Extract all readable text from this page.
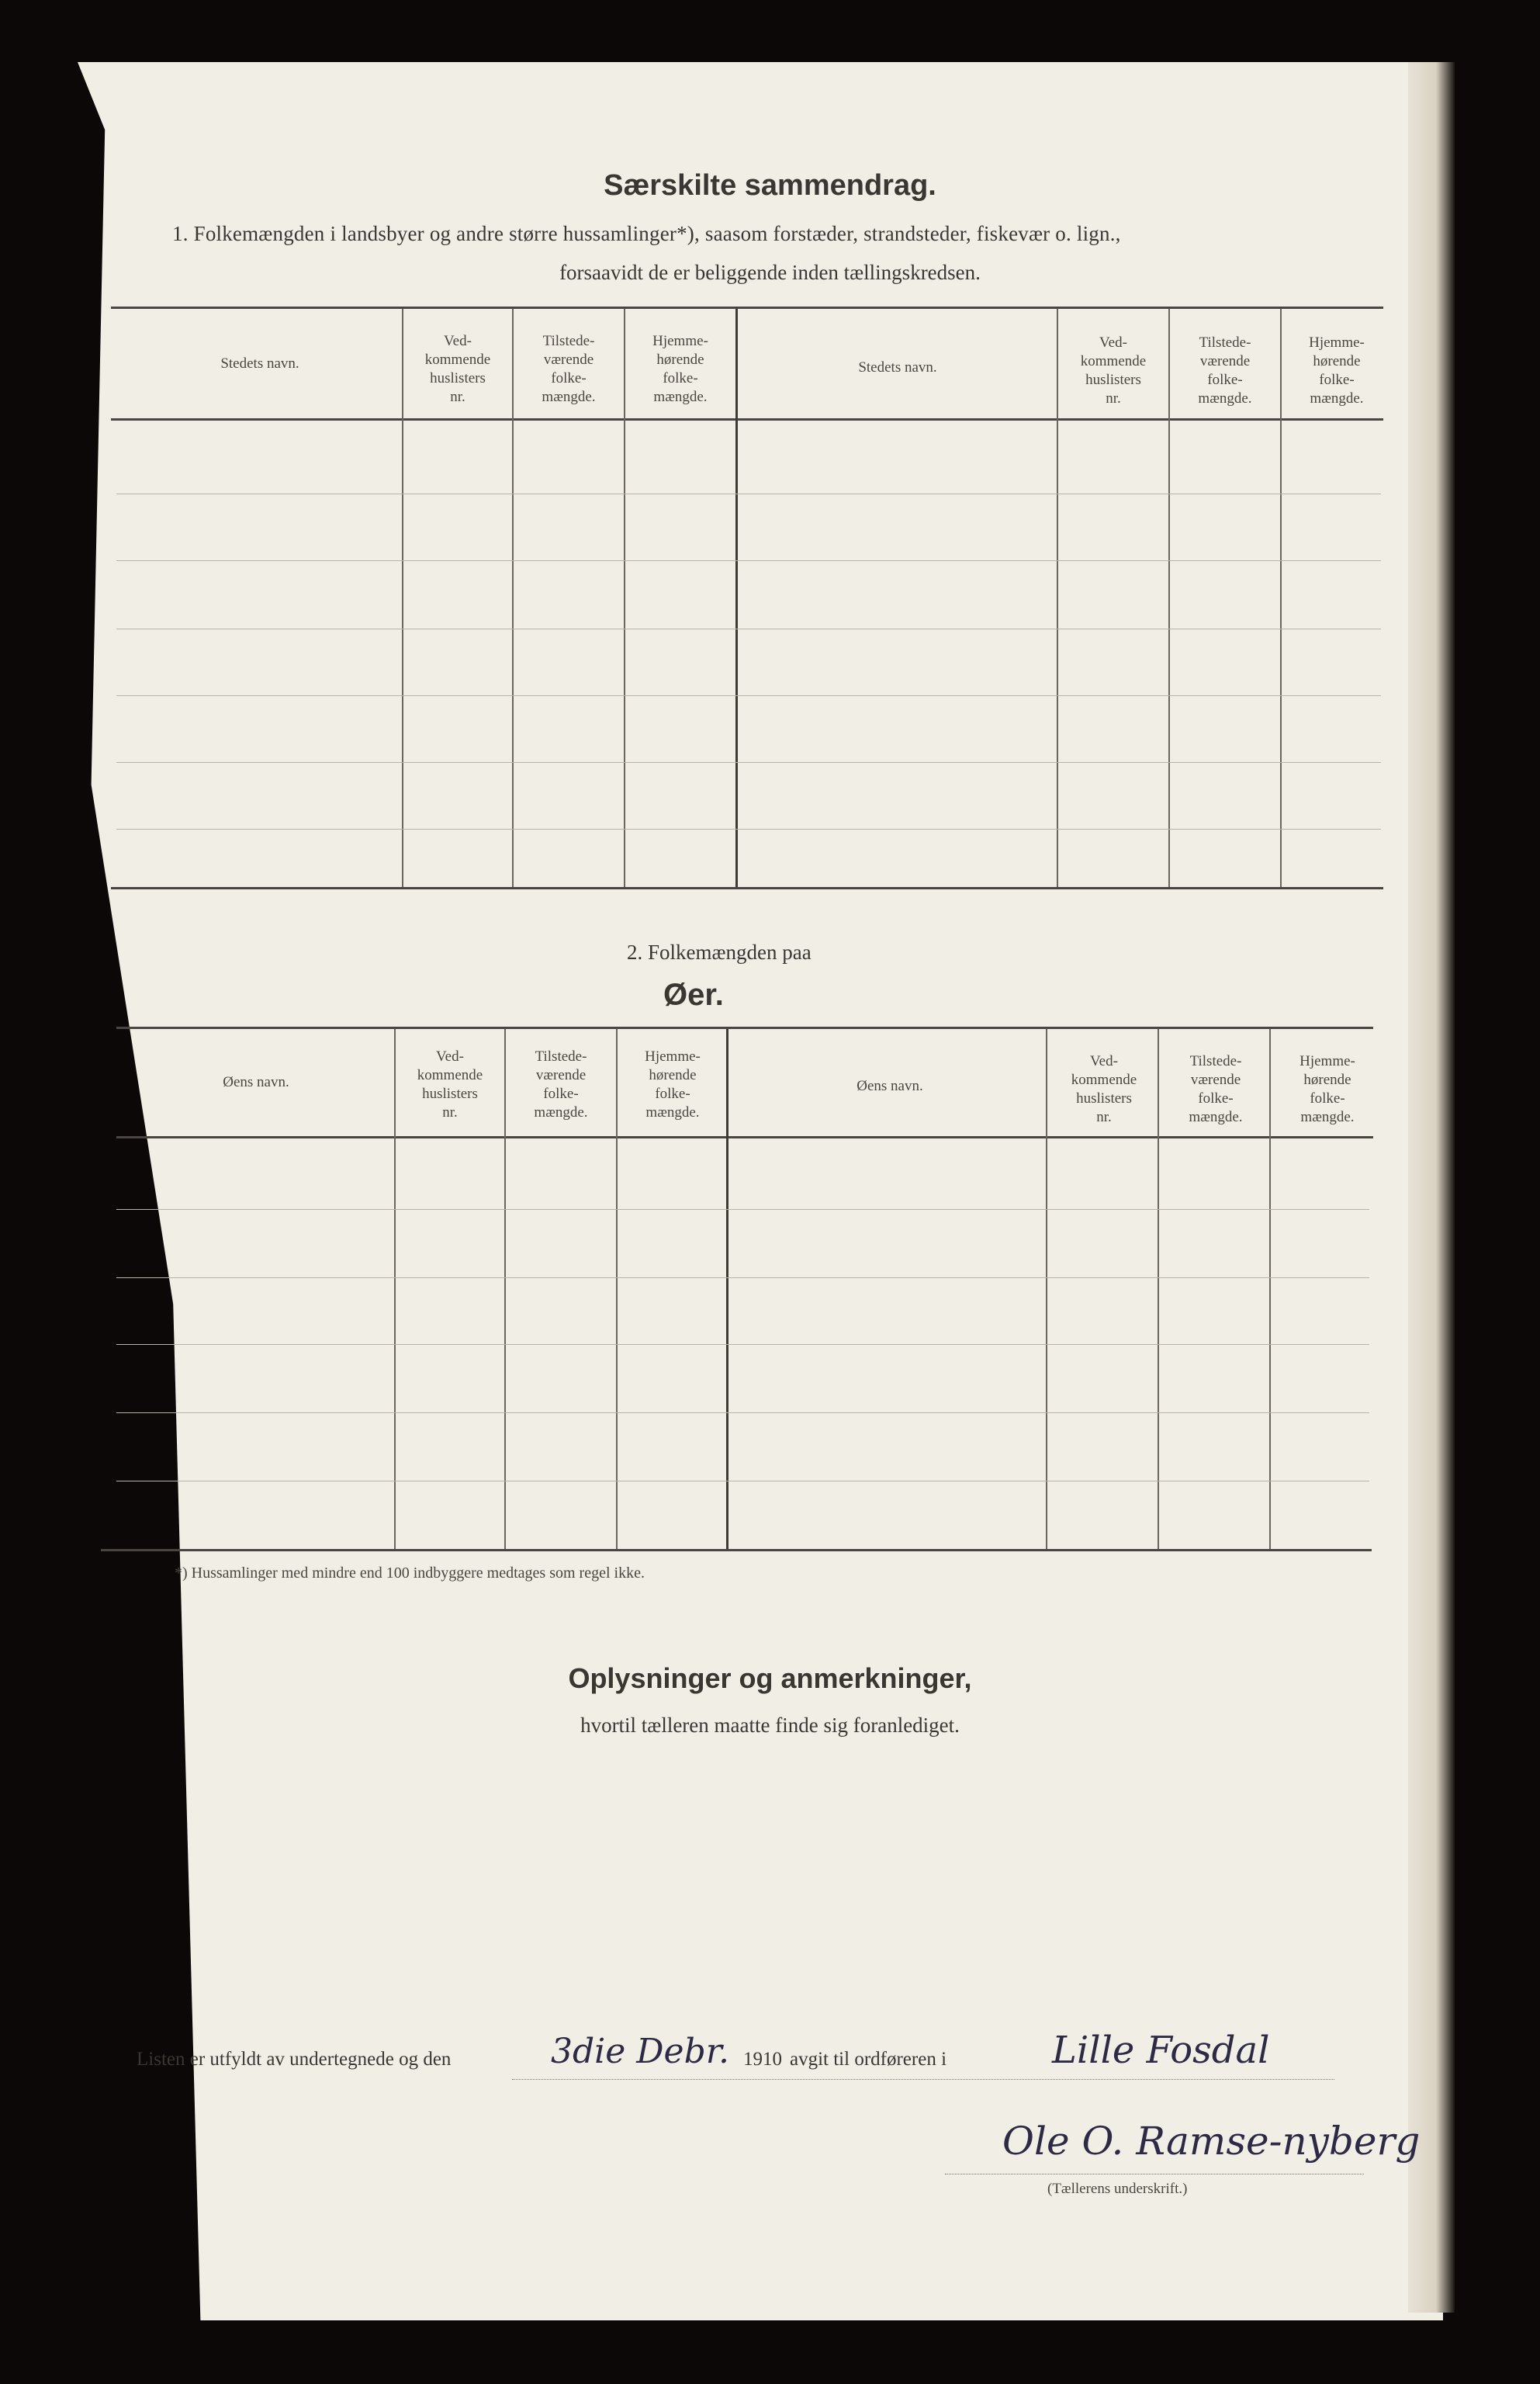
Særskilte sammendrag.
1. Folkemængden i landsbyer og andre større hussamlinger*), saasom forstæder, strandsteder, fiskevær o. lign.,
forsaavidt de er beliggende inden tællingskredsen.
Stedets navn.
Ved-
kommende
huslisters
nr.
Tilstede-
værende
folke-
mængde.
Hjemme-
hørende
folke-
mængde.
Stedets navn.
Ved-
kommende
huslisters
nr.
Tilstede-
værende
folke-
mængde.
Hjemme-
hørende
folke-
mængde.
2. Folkemængden paa
Øer.
Øens navn.
Ved-
kommende
huslisters
nr.
Tilstede-
værende
folke-
mængde.
Hjemme-
hørende
folke-
mængde.
Øens navn.
Ved-
kommende
huslisters
nr.
Tilstede-
værende
folke-
mængde.
Hjemme-
hørende
folke-
mængde.
*) Hussamlinger med mindre end 100 indbyggere medtages som regel ikke.
Oplysninger og anmerkninger,
hvortil tælleren maatte finde sig foranlediget.
Listen er utfyldt av undertegnede og den	3die Debr. 1910 avgit til ordføreren i	Lille Fosdal
Ole O. Ramse-nyberg
(Tællerens underskrift.)
